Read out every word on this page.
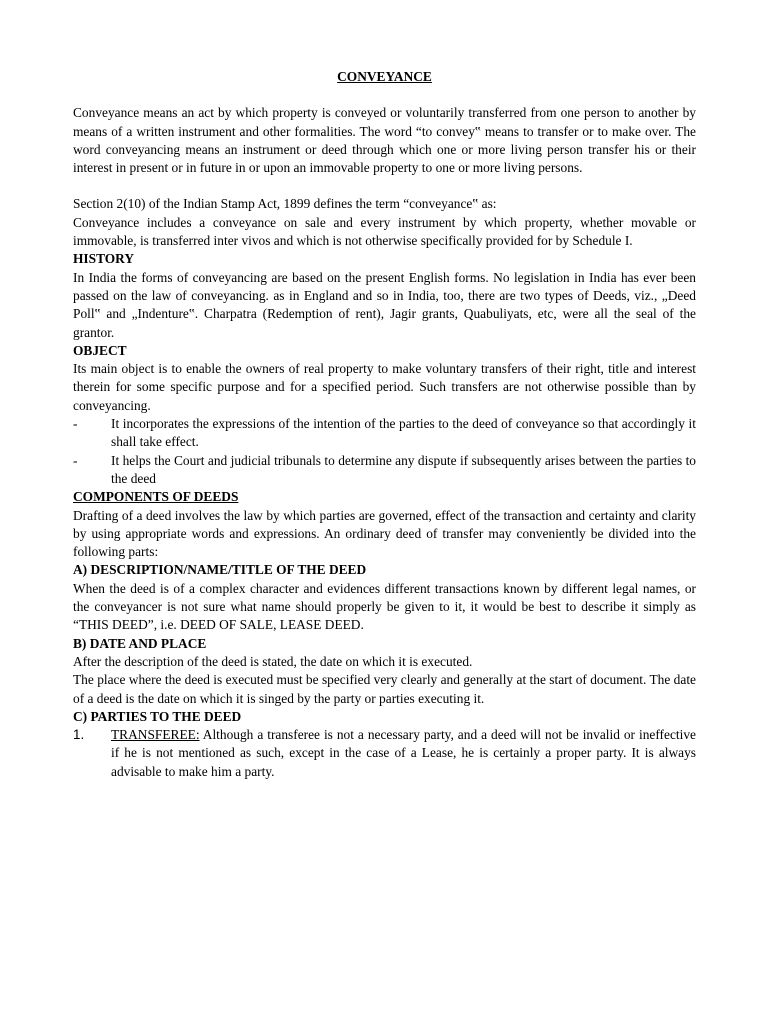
CONVEYANCE

Conveyance means an act by which property is conveyed or voluntarily transferred from one person to another by means of a written instrument and other formalities. The word “to convey‟ means to transfer or to make over. The word conveyancing means an instrument or deed through which one or more living person transfer his or their interest in present or in future in or upon an immovable property to one or more living persons.

Section 2(10) of the Indian Stamp Act, 1899 defines the term “conveyance‟ as:

Conveyance includes a conveyance on sale and every instrument by which property, whether movable or immovable, is transferred inter vivos and which is not otherwise specifically provided for by Schedule I.

HISTORY

In India the forms of conveyancing are based on the present English forms. No legislation in India has ever been passed on the law of conveyancing. as in England and so in India, too, there are two types of Deeds, viz., „Deed Poll‟ and „Indenture‟. Charpatra (Redemption of rent), Jagir grants, Quabuliyats, etc, were all the seal of the grantor.

OBJECT

Its main object is to enable the owners of real property to make voluntary transfers of their right, title and interest therein for some specific purpose and for a specified period. Such transfers are not otherwise possible than by conveyancing.

-	It incorporates the expressions of the intention of the parties to the deed of conveyance so that accordingly it shall take effect.
-	It helps the Court and judicial tribunals to determine any dispute if subsequently arises between the parties to the deed
COMPONENTS OF DEEDS

Drafting of a deed involves the law by which parties are governed, effect of the transaction and certainty and clarity by using appropriate words and expressions. An ordinary deed of transfer may conveniently be divided into the following parts:

A) DESCRIPTION/NAME/TITLE OF THE DEED

When the deed is of a complex character and evidences different transactions known by different legal names, or the conveyancer is not sure what name should properly be given to it, it would be best to describe it simply as “THIS DEED”, i.e. DEED OF SALE, LEASE DEED.

B) DATE AND PLACE

After the description of the deed is stated, the date on which it is executed.

The place where the deed is executed must be specified very clearly and generally at the start of document. The date of a deed is the date on which it is singed by the party or parties executing it.

C) PARTIES TO THE DEED
1. TRANSFEREE: Although a transferee is not a necessary party, and a deed will not be invalid or ineffective if he is not mentioned as such, except in the case of a Lease, he is certainly a proper party. It is always advisable to make him a party.
